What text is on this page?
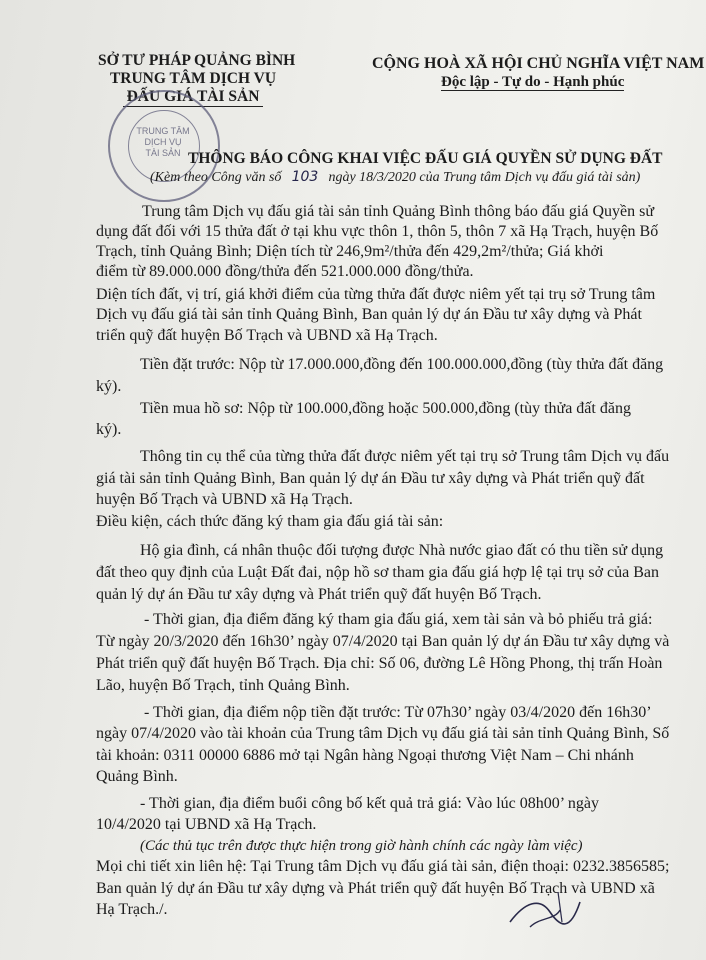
SỞ TƯ PHÁP QUẢNG BÌNH
TRUNG TÂM DỊCH VỤ
ĐẤU GIÁ TÀI SẢN
CỘNG HOÀ XÃ HỘI CHỦ NGHĨA VIỆT NAM
Độc lập - Tự do - Hạnh phúc
TRUNG TÂM
DỊCH VỤ
TÀI SẢN THÔNG BÁO CÔNG KHAI VIỆC ĐẤU GIÁ QUYỀN SỬ DỤNG ĐẤT
(Kèm theo Công văn số 103 ngày 18/3/2020 của Trung tâm Dịch vụ đấu giá tài sản)
Trung tâm Dịch vụ đấu giá tài sản tỉnh Quảng Bình thông báo đấu giá Quyền sử
dụng đất đối với 15 thửa đất ở tại khu vực thôn 1, thôn 5, thôn 7 xã Hạ Trạch, huyện Bố
Trạch, tỉnh Quảng Bình; Diện tích từ 246,9m²/thửa đến 429,2m²/thửa; Giá khởi
điểm từ 89.000.000 đồng/thửa đến 521.000.000 đồng/thửa.
Diện tích đất, vị trí, giá khởi điểm của từng thửa đất được niêm yết tại trụ sở Trung tâm
Dịch vụ đấu giá tài sản tỉnh Quảng Bình, Ban quản lý dự án Đầu tư xây dựng và Phát
triển quỹ đất huyện Bố Trạch và UBND xã Hạ Trạch.
Tiền đặt trước: Nộp từ 17.000.000,đồng đến 100.000.000,đồng (tùy thửa đất đăng
ký).
Tiền mua hồ sơ: Nộp từ 100.000,đồng hoặc 500.000,đồng (tùy thửa đất đăng
ký).
Thông tin cụ thể của từng thửa đất được niêm yết tại trụ sở Trung tâm Dịch vụ đấu
giá tài sản tỉnh Quảng Bình, Ban quản lý dự án Đầu tư xây dựng và Phát triển quỹ đất
huyện Bố Trạch và UBND xã Hạ Trạch.
Điều kiện, cách thức đăng ký tham gia đấu giá tài sản:
Hộ gia đình, cá nhân thuộc đối tượng được Nhà nước giao đất có thu tiền sử dụng
đất theo quy định của Luật Đất đai, nộp hồ sơ tham gia đấu giá hợp lệ tại trụ sở của Ban
quản lý dự án Đầu tư xây dựng và Phát triển quỹ đất huyện Bố Trạch.
- Thời gian, địa điểm đăng ký tham gia đấu giá, xem tài sản và bỏ phiếu trả giá:
Từ ngày 20/3/2020 đến 16h30’ ngày 07/4/2020 tại Ban quản lý dự án Đầu tư xây dựng và
Phát triển quỹ đất huyện Bố Trạch. Địa chỉ: Số 06, đường Lê Hồng Phong, thị trấn Hoàn
Lão, huyện Bố Trạch, tỉnh Quảng Bình.
- Thời gian, địa điểm nộp tiền đặt trước: Từ 07h30’ ngày 03/4/2020 đến 16h30’
ngày 07/4/2020 vào tài khoản của Trung tâm Dịch vụ đấu giá tài sản tỉnh Quảng Bình, Số
tài khoản: 0311 00000 6886 mở tại Ngân hàng Ngoại thương Việt Nam – Chi nhánh
Quảng Bình.
- Thời gian, địa điểm buổi công bố kết quả trả giá: Vào lúc 08h00’ ngày
10/4/2020 tại UBND xã Hạ Trạch.
(Các thủ tục trên được thực hiện trong giờ hành chính các ngày làm việc)
Mọi chi tiết xin liên hệ: Tại Trung tâm Dịch vụ đấu giá tài sản, điện thoại: 0232.3856585;
Ban quản lý dự án Đầu tư xây dựng và Phát triển quỹ đất huyện Bố Trạch và UBND xã
Hạ Trạch./.
